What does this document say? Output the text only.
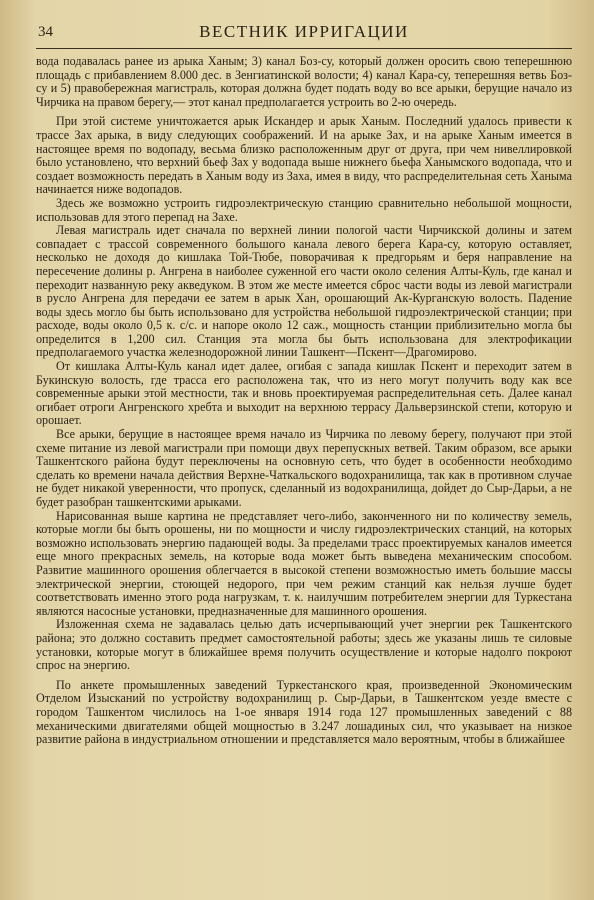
34	ВЕСТНИК ИРРИГАЦИИ

вода подавалась ранее из арыка Ханым; 3) канал Боз-су, который должен оросить свою теперешнюю площадь с прибавлением 8.000 дес. в Зенгиатинской волости; 4) канал Кара-су, теперешняя ветвь Боз-су и 5) правобережная магистраль, которая должна будет подать воду во все арыки, берущие начало из Чирчика на правом берегу,— этот канал предполагается устроить во 2-ю очередь.

При этой системе уничтожается арык Искандер и арык Ханым. Последний удалось привести к трассе Зах арыка, в виду следующих соображений. И на арыке Зах, и на арыке Ханым имеется в настоящее время по водопаду, весьма близко расположенным друг от друга, при чем нивеллировкой было установлено, что верхний бьеф Зах у водопада выше нижнего бьефа Ханымского водопада, что и создает возможность передать в Ханым воду из Заха, имея в виду, что распределительная сеть Ханыма начинается ниже водопадов.

Здесь же возможно устроить гидроэлектрическую станцию сравнительно небольшой мощности, использовав для этого перепад на Захе.

Левая магистраль идет сначала по верхней линии пологой части Чирчикской долины и затем совпадает с трассой современного большого канала левого берега Кара-су, которую оставляет, несколько не доходя до кишлака Той-Тюбе, поворачивая к предгорьям и беря направление на пересечение долины р. Ангрена в наиболее суженной его части около селения Алты-Куль, где канал и переходит названную реку акведуком. В этом же месте имеется сброс части воды из левой магистрали в русло Ангрена для передачи ее затем в арык Хан, орошающий Ак-Курганскую волость. Падение воды здесь могло бы быть использовано для устройства небольшой гидроэлектрической станции; при расходе, воды около 0,5 к. с/с. и напоре около 12 саж., мощность станции приблизительно могла бы определится в 1,200 сил. Станция эта могла бы быть использована для электрофикации предполагаемого участка железнодорожной линии Ташкент—Пскент—Драгомирово.

От кишлака Алты-Куль канал идет далее, огибая с запада кишлак Пскент и переходит затем в Букинскую волость, где трасса его расположена так, что из него могут получить воду как все современные арыки этой местности, так и вновь проектируемая распределительная сеть. Далее канал огибает отроги Ангренского хребта и выходит на верхнюю террасу Дальверзинской степи, которую и орошает.

Все арыки, берущие в настоящее время начало из Чирчика по левому берегу, получают при этой схеме питание из левой магистрали при помощи двух перепускных ветвей. Таким образом, все арыки Ташкентского района будут переключены на основную сеть, что будет в особенности необходимо сделать ко времени начала действия Верхне-Чаткальского водохранилища, так как в противном случае не будет никакой уверенности, что пропуск, сделанный из водохранилища, дойдет до Сыр-Дарьи, а не будет разобран ташкентскими арыками.

Нарисованная выше картина не представляет чего-либо, законченного ни по количеству земель, которые могли бы быть орошены, ни по мощности и числу гидроэлектрических станций, на которых возможно использовать энергию падающей воды. За пределами трасс проектируемых каналов имеется еще много прекрасных земель, на которые вода может быть выведена механическим способом. Развитие машинного орошения облегчается в высокой степени возможностью иметь большие массы электрической энергии, стоющей недорого, при чем режим станций как нельзя лучше будет соответствовать именно этого рода нагрузкам, т. к. наилучшим потребителем энергии для Туркестана являются насосные установки, предназначенные для машинного орошения.

Изложенная схема не задавалась целью дать исчерпывающий учет энергии рек Ташкентского района; это должно составить предмет самостоятельной работы; здесь же указаны лишь те силовые установки, которые могут в ближайшее время получить осуществление и которые надолго покроют спрос на энергию.

По анкете промышленных заведений Туркестанского края, произведенной Экономическим Отделом Изысканий по устройству водохранилищ р. Сыр-Дарьи, в Ташкентском уезде вместе с городом Ташкентом числилось на 1-ое января 1914 года 127 промышленных заведений с 88 механическими двигателями общей мощностью в 3.247 лошадиных сил, что указывает на низкое развитие района в индустриальном отношении и представляется мало вероятным, чтобы в ближайшее
